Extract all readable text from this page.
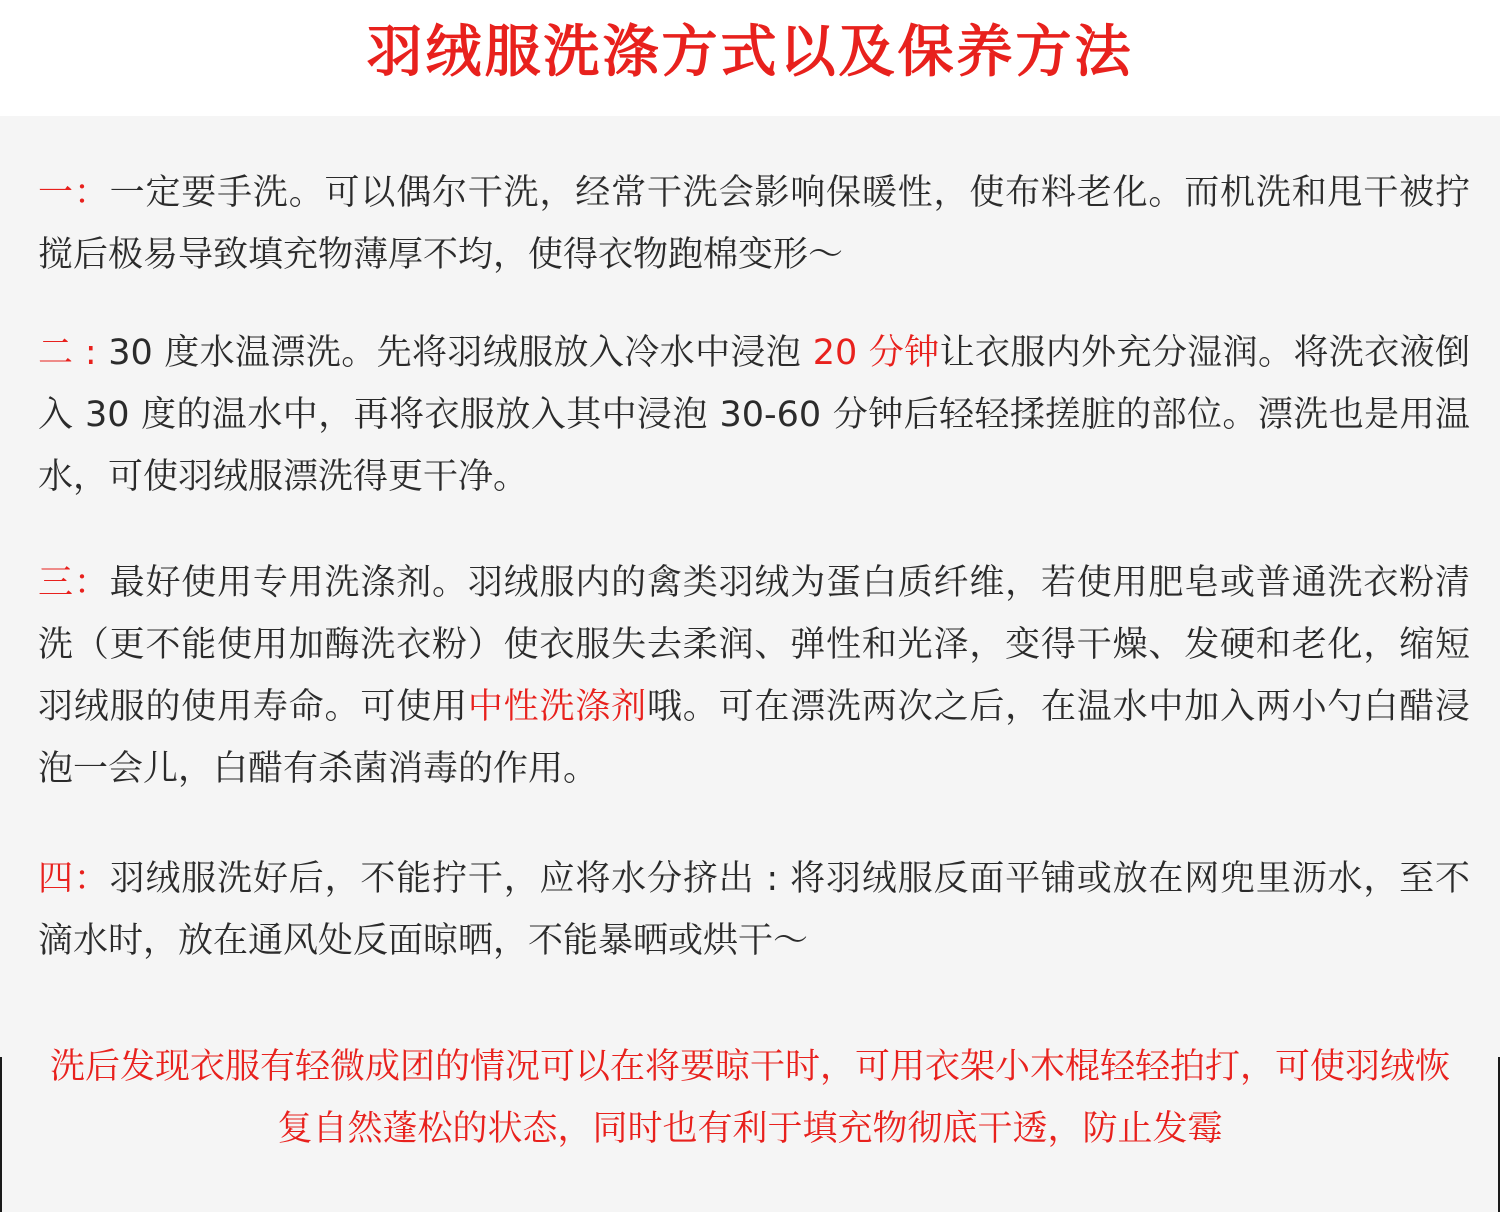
羽绒服洗涤方式以及保养方法

一：一定要手洗。可以偶尔干洗，经常干洗会影响保暖性，使布料老化。而机洗和甩干被拧搅后极易导致填充物薄厚不均，使得衣物跑棉变形～

二 : 30 度水温漂洗。先将羽绒服放入冷水中浸泡 20 分钟让衣服内外充分湿润。将洗衣液倒入 30 度的温水中，再将衣服放入其中浸泡 30-60 分钟后轻轻揉搓脏的部位。漂洗也是用温水，可使羽绒服漂洗得更干净。

三：最好使用专用洗涤剂。羽绒服内的禽类羽绒为蛋白质纤维，若使用肥皂或普通洗衣粉清洗（更不能使用加酶洗衣粉）使衣服失去柔润、弹性和光泽，变得干燥、发硬和老化，缩短羽绒服的使用寿命。可使用中性洗涤剂哦。可在漂洗两次之后，在温水中加入两小勺白醋浸泡一会儿，白醋有杀菌消毒的作用。

四：羽绒服洗好后，不能拧干，应将水分挤出 : 将羽绒服反面平铺或放在网兜里沥水，至不滴水时，放在通风处反面晾晒，不能暴晒或烘干～

洗后发现衣服有轻微成团的情况可以在将要晾干时，可用衣架小木棍轻轻拍打，可使羽绒恢复自然蓬松的状态，同时也有利于填充物彻底干透，防止发霉
